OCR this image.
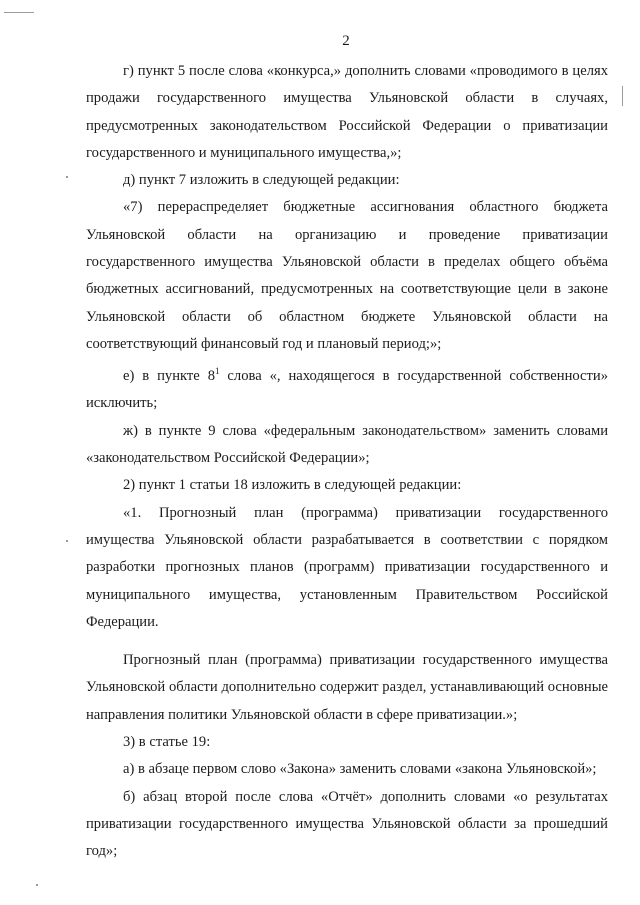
2

г) пункт 5 после слова «конкурса,» дополнить словами «проводимого в целях продажи государственного имущества Ульяновской области в случаях, предусмотренных законодательством Российской Федерации о приватизации государственного и муниципального имущества,»;

д) пункт 7 изложить в следующей редакции:

«7) перераспределяет бюджетные ассигнования областного бюджета Ульяновской области на организацию и проведение приватизации государственного имущества Ульяновской области в пределах общего объёма бюджетных ассигнований, предусмотренных на соответствующие цели в законе Ульяновской области об областном бюджете Ульяновской области на соответствующий финансовый год и плановый период;»;

е) в пункте $8^1$ слова «, находящегося в государственной собственности» исключить;

ж) в пункте 9 слова «федеральным законодательством» заменить словами «законодательством Российской Федерации»;

2) пункт 1 статьи 18 изложить в следующей редакции:

«1. Прогнозный план (программа) приватизации государственного имущества Ульяновской области разрабатывается в соответствии с порядком разработки прогнозных планов (программ) приватизации государственного и муниципального имущества, установленным Правительством Российской Федерации.

Прогнозный план (программа) приватизации государственного имущества Ульяновской области дополнительно содержит раздел, устанавливающий основные направления политики Ульяновской области в сфере приватизации.»;

3) в статье 19:

а) в абзаце первом слово «Закона» заменить словами «закона Ульяновской»;

б) абзац второй после слова «Отчёт» дополнить словами «о результатах приватизации государственного имущества Ульяновской области за прошедший год»;
